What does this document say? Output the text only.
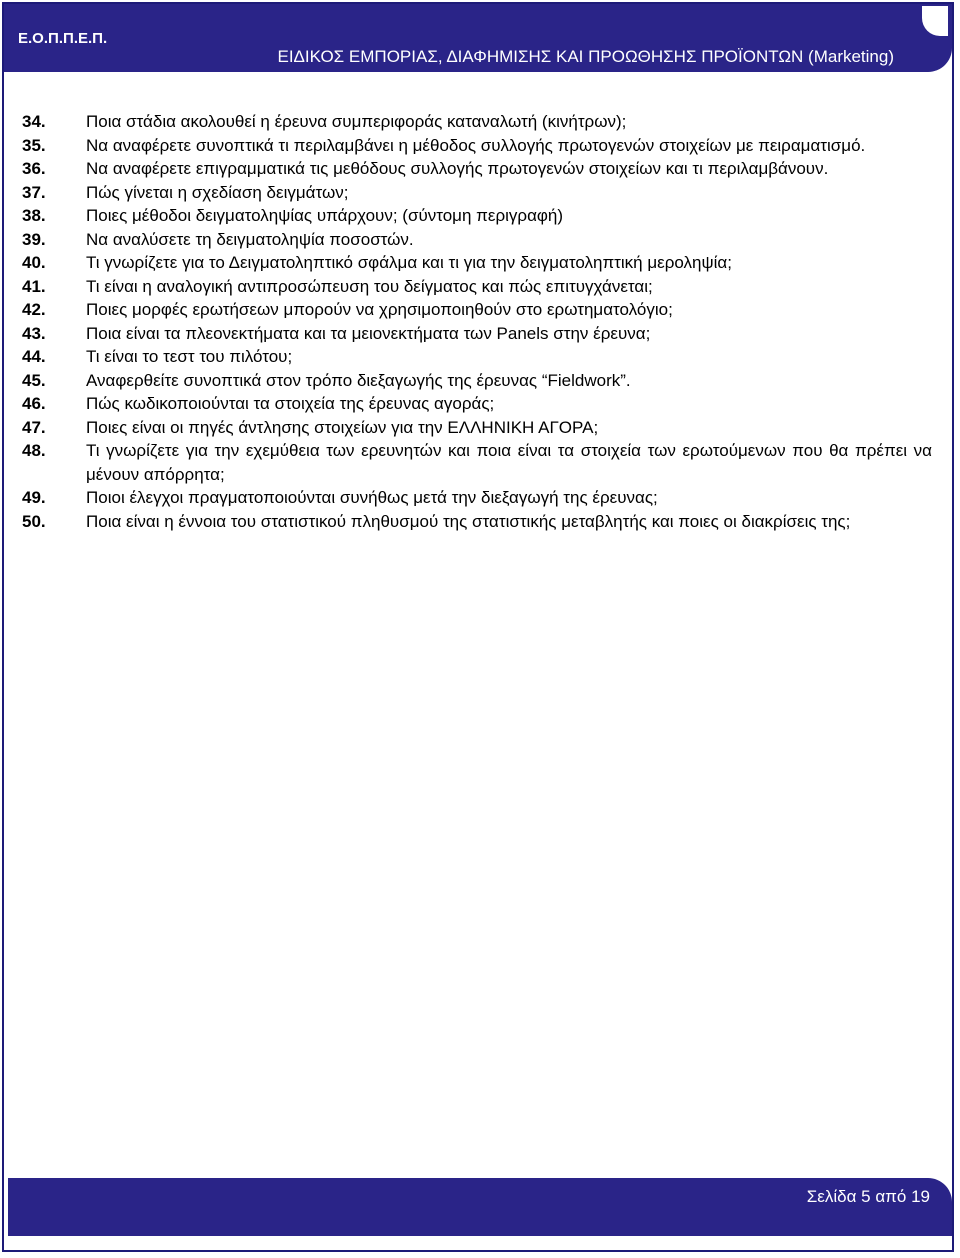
Ε.Ο.Π.Π.Ε.Π.
ΕΙΔΙΚΟΣ ΕΜΠΟΡΙΑΣ, ΔΙΑΦΗΜΙΣΗΣ ΚΑΙ ΠΡΟΩΘΗΣΗΣ ΠΡΟΪΟΝΤΩΝ (Marketing)
34.	Ποια στάδια ακολουθεί η έρευνα συμπεριφοράς καταναλωτή (κινήτρων);
35.	Να αναφέρετε συνοπτικά τι περιλαμβάνει η μέθοδος συλλογής πρωτογενών στοιχείων με πειραματισμό.
36.	Να αναφέρετε επιγραμματικά τις μεθόδους συλλογής πρωτογενών στοιχείων και τι περιλαμβάνουν.
37.	Πώς γίνεται η σχεδίαση δειγμάτων;
38.	Ποιες μέθοδοι δειγματοληψίας υπάρχουν; (σύντομη περιγραφή)
39.	Να αναλύσετε τη δειγματοληψία ποσοστών.
40.	Τι γνωρίζετε για το Δειγματοληπτικό σφάλμα και τι για την δειγματοληπτική μεροληψία;
41.	Τι είναι η αναλογική αντιπροσώπευση του δείγματος και πώς επιτυγχάνεται;
42.	Ποιες μορφές ερωτήσεων μπορούν να χρησιμοποιηθούν στο ερωτηματολόγιο;
43.	Ποια είναι τα πλεονεκτήματα και τα μειονεκτήματα των Panels στην έρευνα;
44.	Τι είναι το τεστ του πιλότου;
45.	Αναφερθείτε συνοπτικά στον τρόπο διεξαγωγής της έρευνας “Fieldwork”.
46.	Πώς κωδικοποιούνται τα στοιχεία της έρευνας αγοράς;
47.	Ποιες είναι οι πηγές άντλησης στοιχείων για την ΕΛΛΗΝΙΚΗ ΑΓΟΡΑ;
48.	Τι γνωρίζετε για την εχεμύθεια των ερευνητών και ποια είναι τα στοιχεία των ερωτούμενων που θα πρέπει να μένουν απόρρητα;
49.	Ποιοι έλεγχοι πραγματοποιούνται συνήθως μετά την διεξαγωγή της έρευνας;
50.	Ποια είναι η έννοια του στατιστικού πληθυσμού της στατιστικής μεταβλητής και ποιες οι διακρίσεις της;
Σελίδα 5 από 19
